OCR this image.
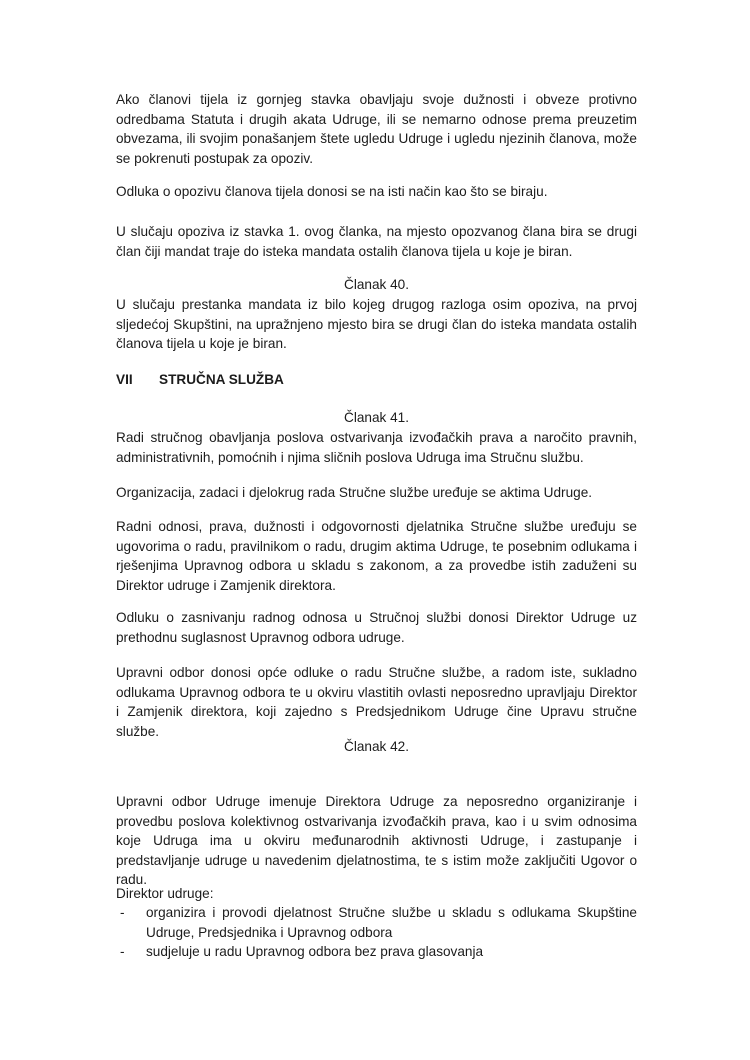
Ako članovi tijela iz gornjeg stavka obavljaju svoje dužnosti i obveze protivno odredbama Statuta i drugih akata Udruge, ili se nemarno odnose prema preuzetim obvezama, ili svojim ponašanjem štete ugledu Udruge i ugledu njezinih članova, može se pokrenuti postupak za opoziv.

Odluka o opozivu članova tijela donosi se na isti način kao što se biraju.

U slučaju opoziva iz stavka 1. ovog članka, na mjesto opozvanog člana bira se drugi član čiji mandat traje do isteka mandata ostalih članova tijela u koje je biran.

Članak 40.

U slučaju prestanka mandata iz bilo kojeg drugog razloga osim opoziva, na prvoj sljedećoj Skupštini, na upražnjeno mjesto bira se drugi član do isteka mandata ostalih članova tijela u koje je biran.

VII STRUČNA SLUŽBA
Članak 41.

Radi stručnog obavljanja poslova ostvarivanja izvođačkih prava a naročito pravnih, administrativnih, pomoćnih i njima sličnih poslova Udruga ima Stručnu službu.

Organizacija, zadaci i djelokrug rada Stručne službe uređuje se aktima Udruge.

Radni odnosi, prava, dužnosti i odgovornosti djelatnika Stručne službe uređuju se ugovorima o radu, pravilnikom o radu, drugim aktima Udruge, te posebnim odlukama i rješenjima Upravnog odbora u skladu s zakonom, a za provedbe istih zaduženi su Direktor udruge i Zamjenik direktora.

Odluku o zasnivanju radnog odnosa u Stručnoj službi donosi Direktor Udruge uz prethodnu suglasnost Upravnog odbora udruge.

Upravni odbor donosi opće odluke o radu Stručne službe, a radom iste, sukladno odlukama Upravnog odbora te u okviru vlastitih ovlasti neposredno upravljaju Direktor i Zamjenik direktora, koji zajedno s Predsjednikom Udruge čine Upravu stručne službe.

Članak 42.

Upravni odbor Udruge imenuje Direktora Udruge za neposredno organiziranje i provedbu poslova kolektivnog ostvarivanja izvođačkih prava, kao i u svim odnosima koje Udruga ima u okviru međunarodnih aktivnosti Udruge, i zastupanje i predstavljanje udruge u navedenim djelatnostima, te s istim može zaključiti Ugovor o radu.

Direktor udruge:

- organizira i provodi djelatnost Stručne službe u skladu s odlukama Skupštine Udruge, Predsjednika i Upravnog odbora
- sudjeluje u radu Upravnog odbora bez prava glasovanja
